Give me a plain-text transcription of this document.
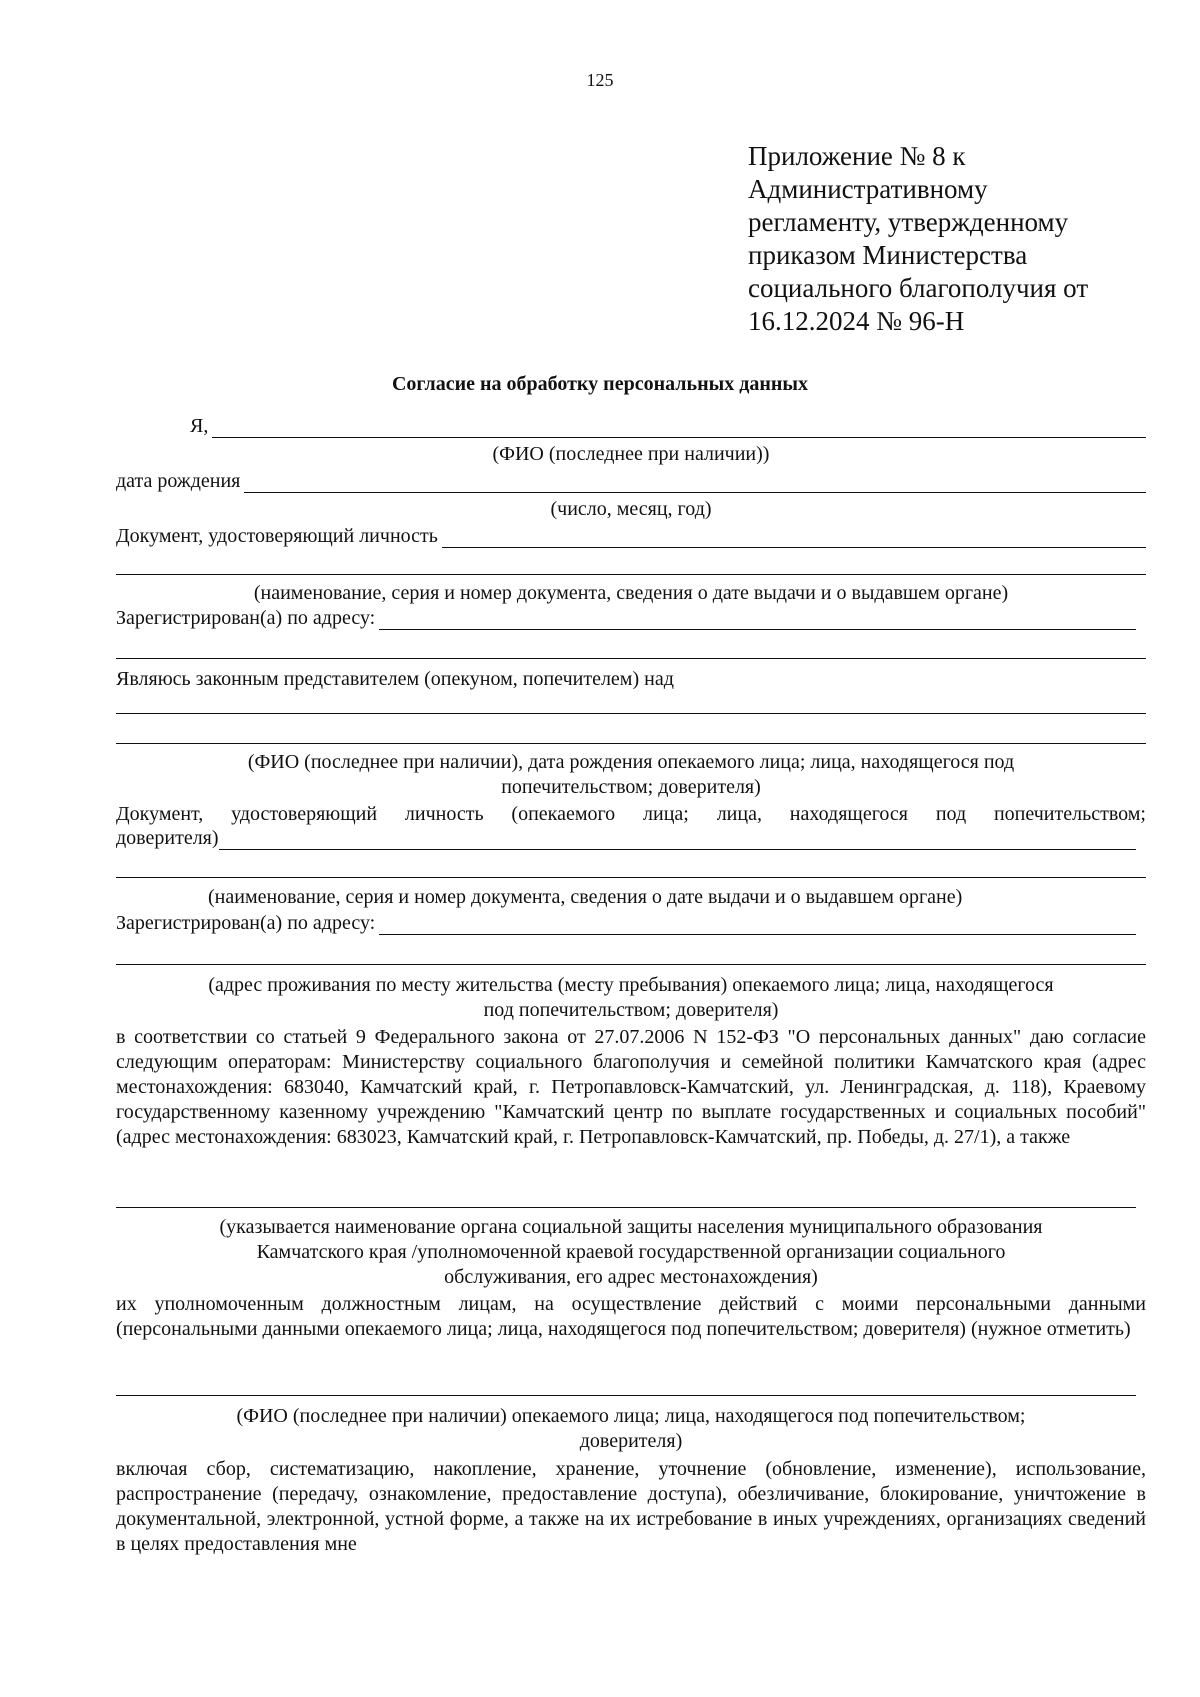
125
Приложение № 8 к
Административному
регламенту, утвержденному
приказом Министерства
социального благополучия от
16.12.2024 № 96-Н
Согласие на обработку персональных данных
Я,
(ФИО (последнее при наличии))
дата рождения
(число, месяц, год)
Документ, удостоверяющий личность
(наименование, серия и номер документа, сведения о дате выдачи и о выдавшем органе)
Зарегистрирован(а) по адресу:
Являюсь законным представителем (опекуном, попечителем) над
(ФИО (последнее при наличии), дата рождения опекаемого лица; лица, находящегося под
попечительством; доверителя)
Документ, удостоверяющий личность (опекаемого лица; лица, находящегося под попечительством;
доверителя)
(наименование, серия и номер документа, сведения о дате выдачи и о выдавшем органе)
Зарегистрирован(а) по адресу:
(адрес проживания по месту жительства (месту пребывания) опекаемого лица; лица, находящегося
под попечительством; доверителя)
в соответствии со статьей 9 Федерального закона от 27.07.2006 N 152-ФЗ "О персональных данных" даю согласие следующим операторам: Министерству социального благополучия и семейной политики Камчатского края (адрес местонахождения: 683040, Камчатский край, г. Петропавловск-Камчатский, ул. Ленинградская, д. 118), Краевому государственному казенному учреждению "Камчатский центр по выплате государственных и социальных пособий" (адрес местонахождения: 683023, Камчатский край, г. Петропавловск-Камчатский, пр. Победы, д. 27/1), а также
(указывается наименование органа социальной защиты населения муниципального образования
Камчатского края /уполномоченной краевой государственной организации социального
обслуживания, его адрес местонахождения)
их уполномоченным должностным лицам, на осуществление действий с моими персональными данными (персональными данными опекаемого лица; лица, находящегося под попечительством; доверителя) (нужное отметить)
(ФИО (последнее при наличии) опекаемого лица; лица, находящегося под попечительством;
доверителя)
включая сбор, систематизацию, накопление, хранение, уточнение (обновление, изменение), использование, распространение (передачу, ознакомление, предоставление доступа), обезличивание, блокирование, уничтожение в документальной, электронной, устной форме, а также на их истребование в иных учреждениях, организациях сведений в целях предоставления мне
